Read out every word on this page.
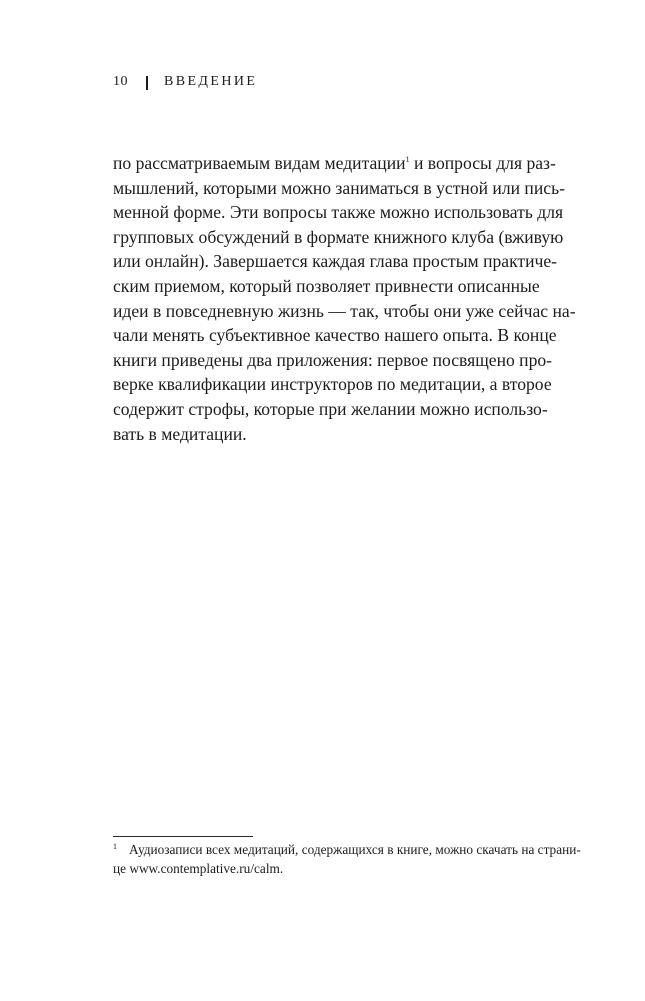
10	ВВЕДЕНИЕ
по рассматриваемым видам медитации$^1$ и вопросы для раз-
мышлений, которыми можно заниматься в устной или пись-
менной форме. Эти вопросы также можно использовать для
групповых обсуждений в формате книжного клуба (вживую
или онлайн). Завершается каждая глава простым практиче-
ским приемом, который позволяет привнести описанные
идеи в повседневную жизнь — так, чтобы они уже сейчас на-
чали менять субъективное качество нашего опыта. В конце
книги приведены два приложения: первое посвящено про-
верке квалификации инструкторов по медитации, а второе
содержит строфы, которые при желании можно использо-
вать в медитации.
$^1$ Аудиозаписи всех медитаций, содержащихся в книге, можно скачать на страни-
це www.contemplative.ru/calm.
